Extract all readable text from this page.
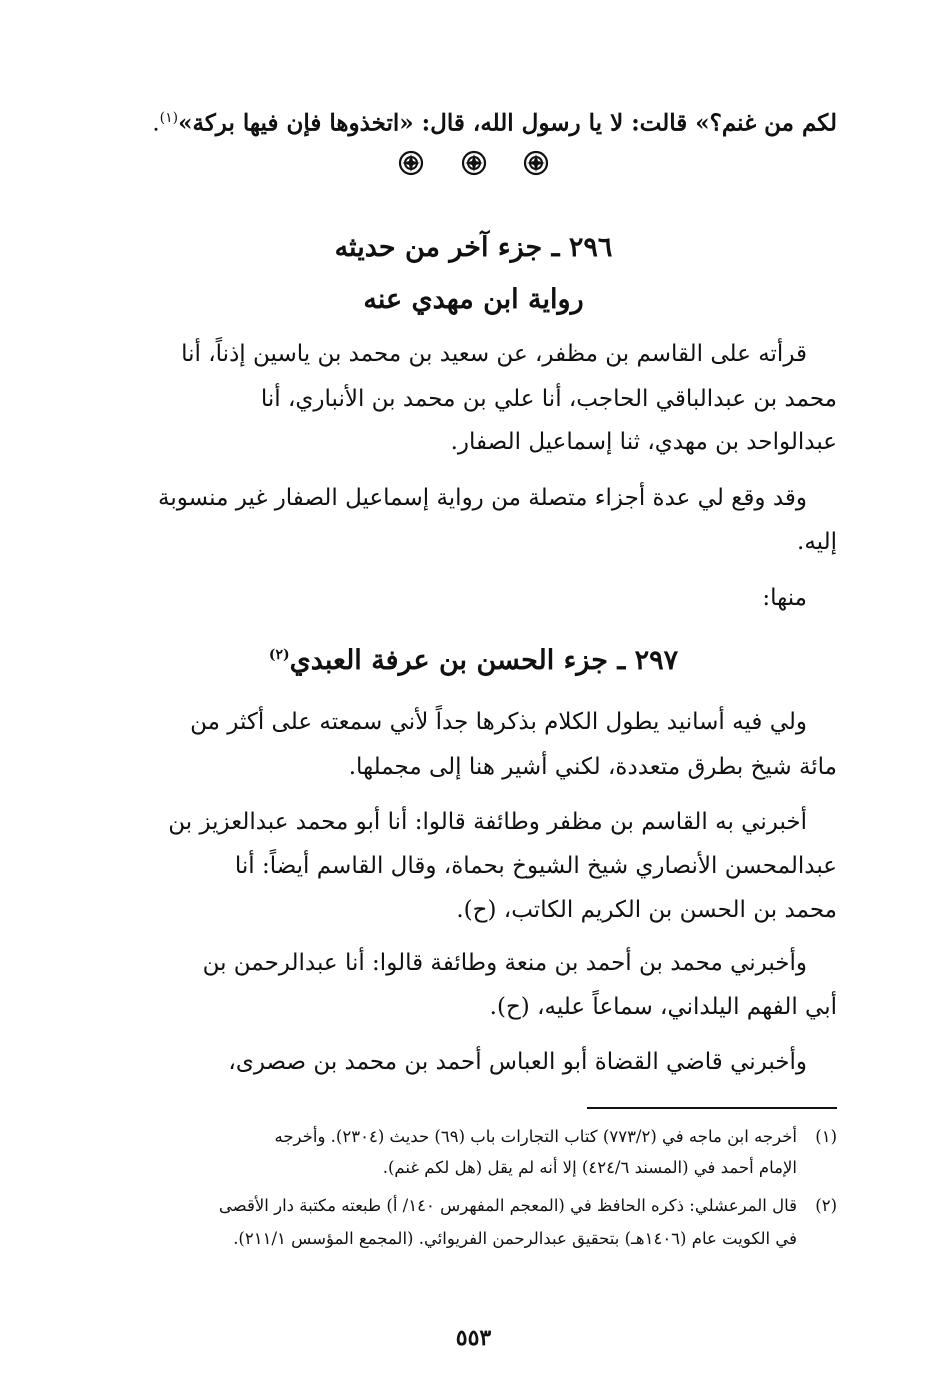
لكم من غنم؟» قالت: لا يا رسول الله، قال: «اتخذوها فإن فيها بركة»$^{(١)}$.

٢٩٦ ـ جزء آخر من حديثه
رواية ابن مهدي عنه
قرأته على القاسم بن مظفر، عن سعيد بن محمد بن ياسين إذناً، أنا
محمد بن عبدالباقي الحاجب، أنا علي بن محمد بن الأنباري، أنا
عبدالواحد بن مهدي، ثنا إسماعيل الصفار.
وقد وقع لي عدة أجزاء متصلة من رواية إسماعيل الصفار غير منسوبة
إليه.
منها:
٢٩٧ ـ جزء الحسن بن عرفة العبدي$^{(٢)}$
ولي فيه أسانيد يطول الكلام بذكرها جداً لأني سمعته على أكثر من
مائة شيخ بطرق متعددة، لكني أشير هنا إلى مجملها.
أخبرني به القاسم بن مظفر وطائفة قالوا: أنا أبو محمد عبدالعزيز بن
عبدالمحسن الأنصاري شيخ الشيوخ بحماة، وقال القاسم أيضاً: أنا
محمد بن الحسن بن الكريم الكاتب، (ح).
وأخبرني محمد بن أحمد بن منعة وطائفة قالوا: أنا عبدالرحمن بن
أبي الفهم اليلداني، سماعاً عليه، (ح).
وأخبرني قاضي القضاة أبو العباس أحمد بن محمد بن صصرى،
(١)أخرجه ابن ماجه في (٧٧٣/٢) كتاب التجارات باب (٦٩) حديث (٢٣٠٤). وأخرجه
الإمام أحمد في (المسند ٤٢٤/٦) إلا أنه لم يقل (هل لكم غنم).
(٢)قال المرعشلي: ذكره الحافظ في (المعجم المفهرس ١٤٠/ أ) طبعته مكتبة دار الأقصى
في الكويت عام (١٤٠٦هـ) بتحقيق عبدالرحمن الفريوائي. (المجمع المؤسس ٢١١/١).
٥٥٣
